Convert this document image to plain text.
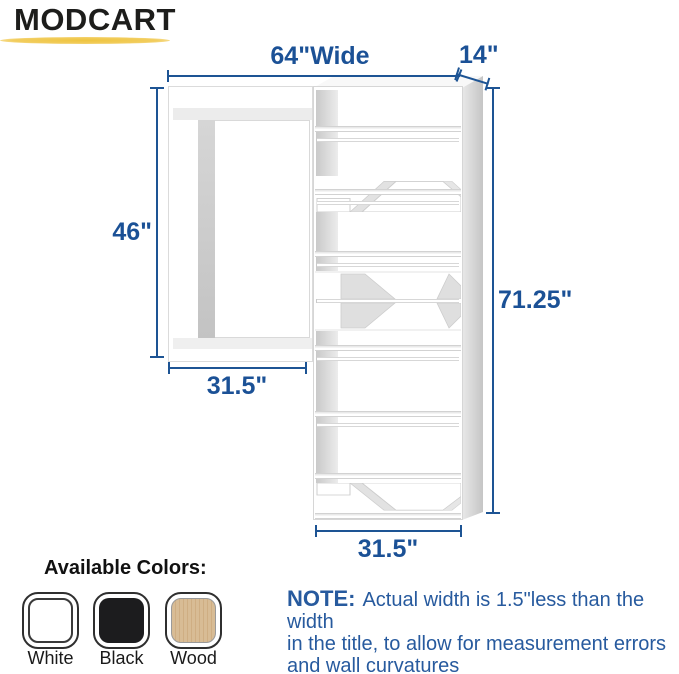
MODCART
64"Wide	14"
46"
31.5"
71.25"
31.5"
Available Colors:
White	Black	Wood
NOTE: Actual width is 1.5"less than the width
in the title, to allow for measurement errors
and wall curvatures
